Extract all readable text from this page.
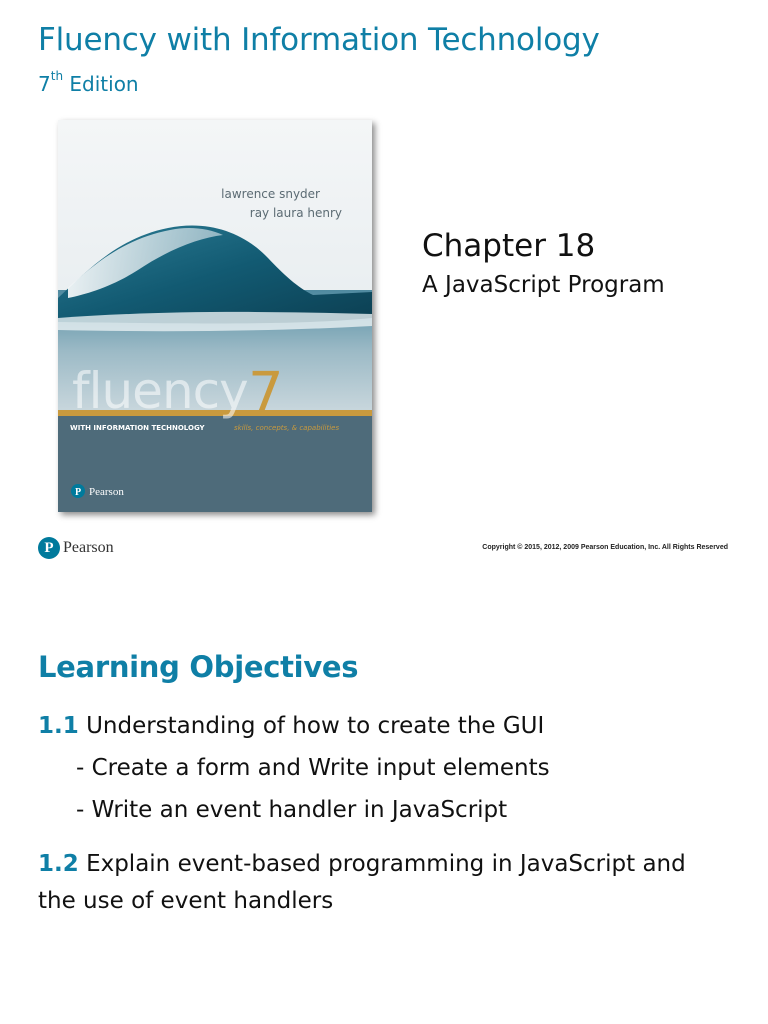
Fluency with Information Technology
7th Edition
P
lawrence snyder
ray laura henry
fluency 7
WITH INFORMATION TECHNOLOGY	skills, concepts, & capabilities
Pearson
Chapter 18
A JavaScript Program
P Pearson	Copyright © 2015, 2012, 2009 Pearson Education, Inc. All Rights Reserved
Learning Objectives
1.1 Understanding of how to create the GUI
- Create a form and Write input elements
- Write an event handler in JavaScript
1.2 Explain event-based programming in JavaScript and the use of event handlers
